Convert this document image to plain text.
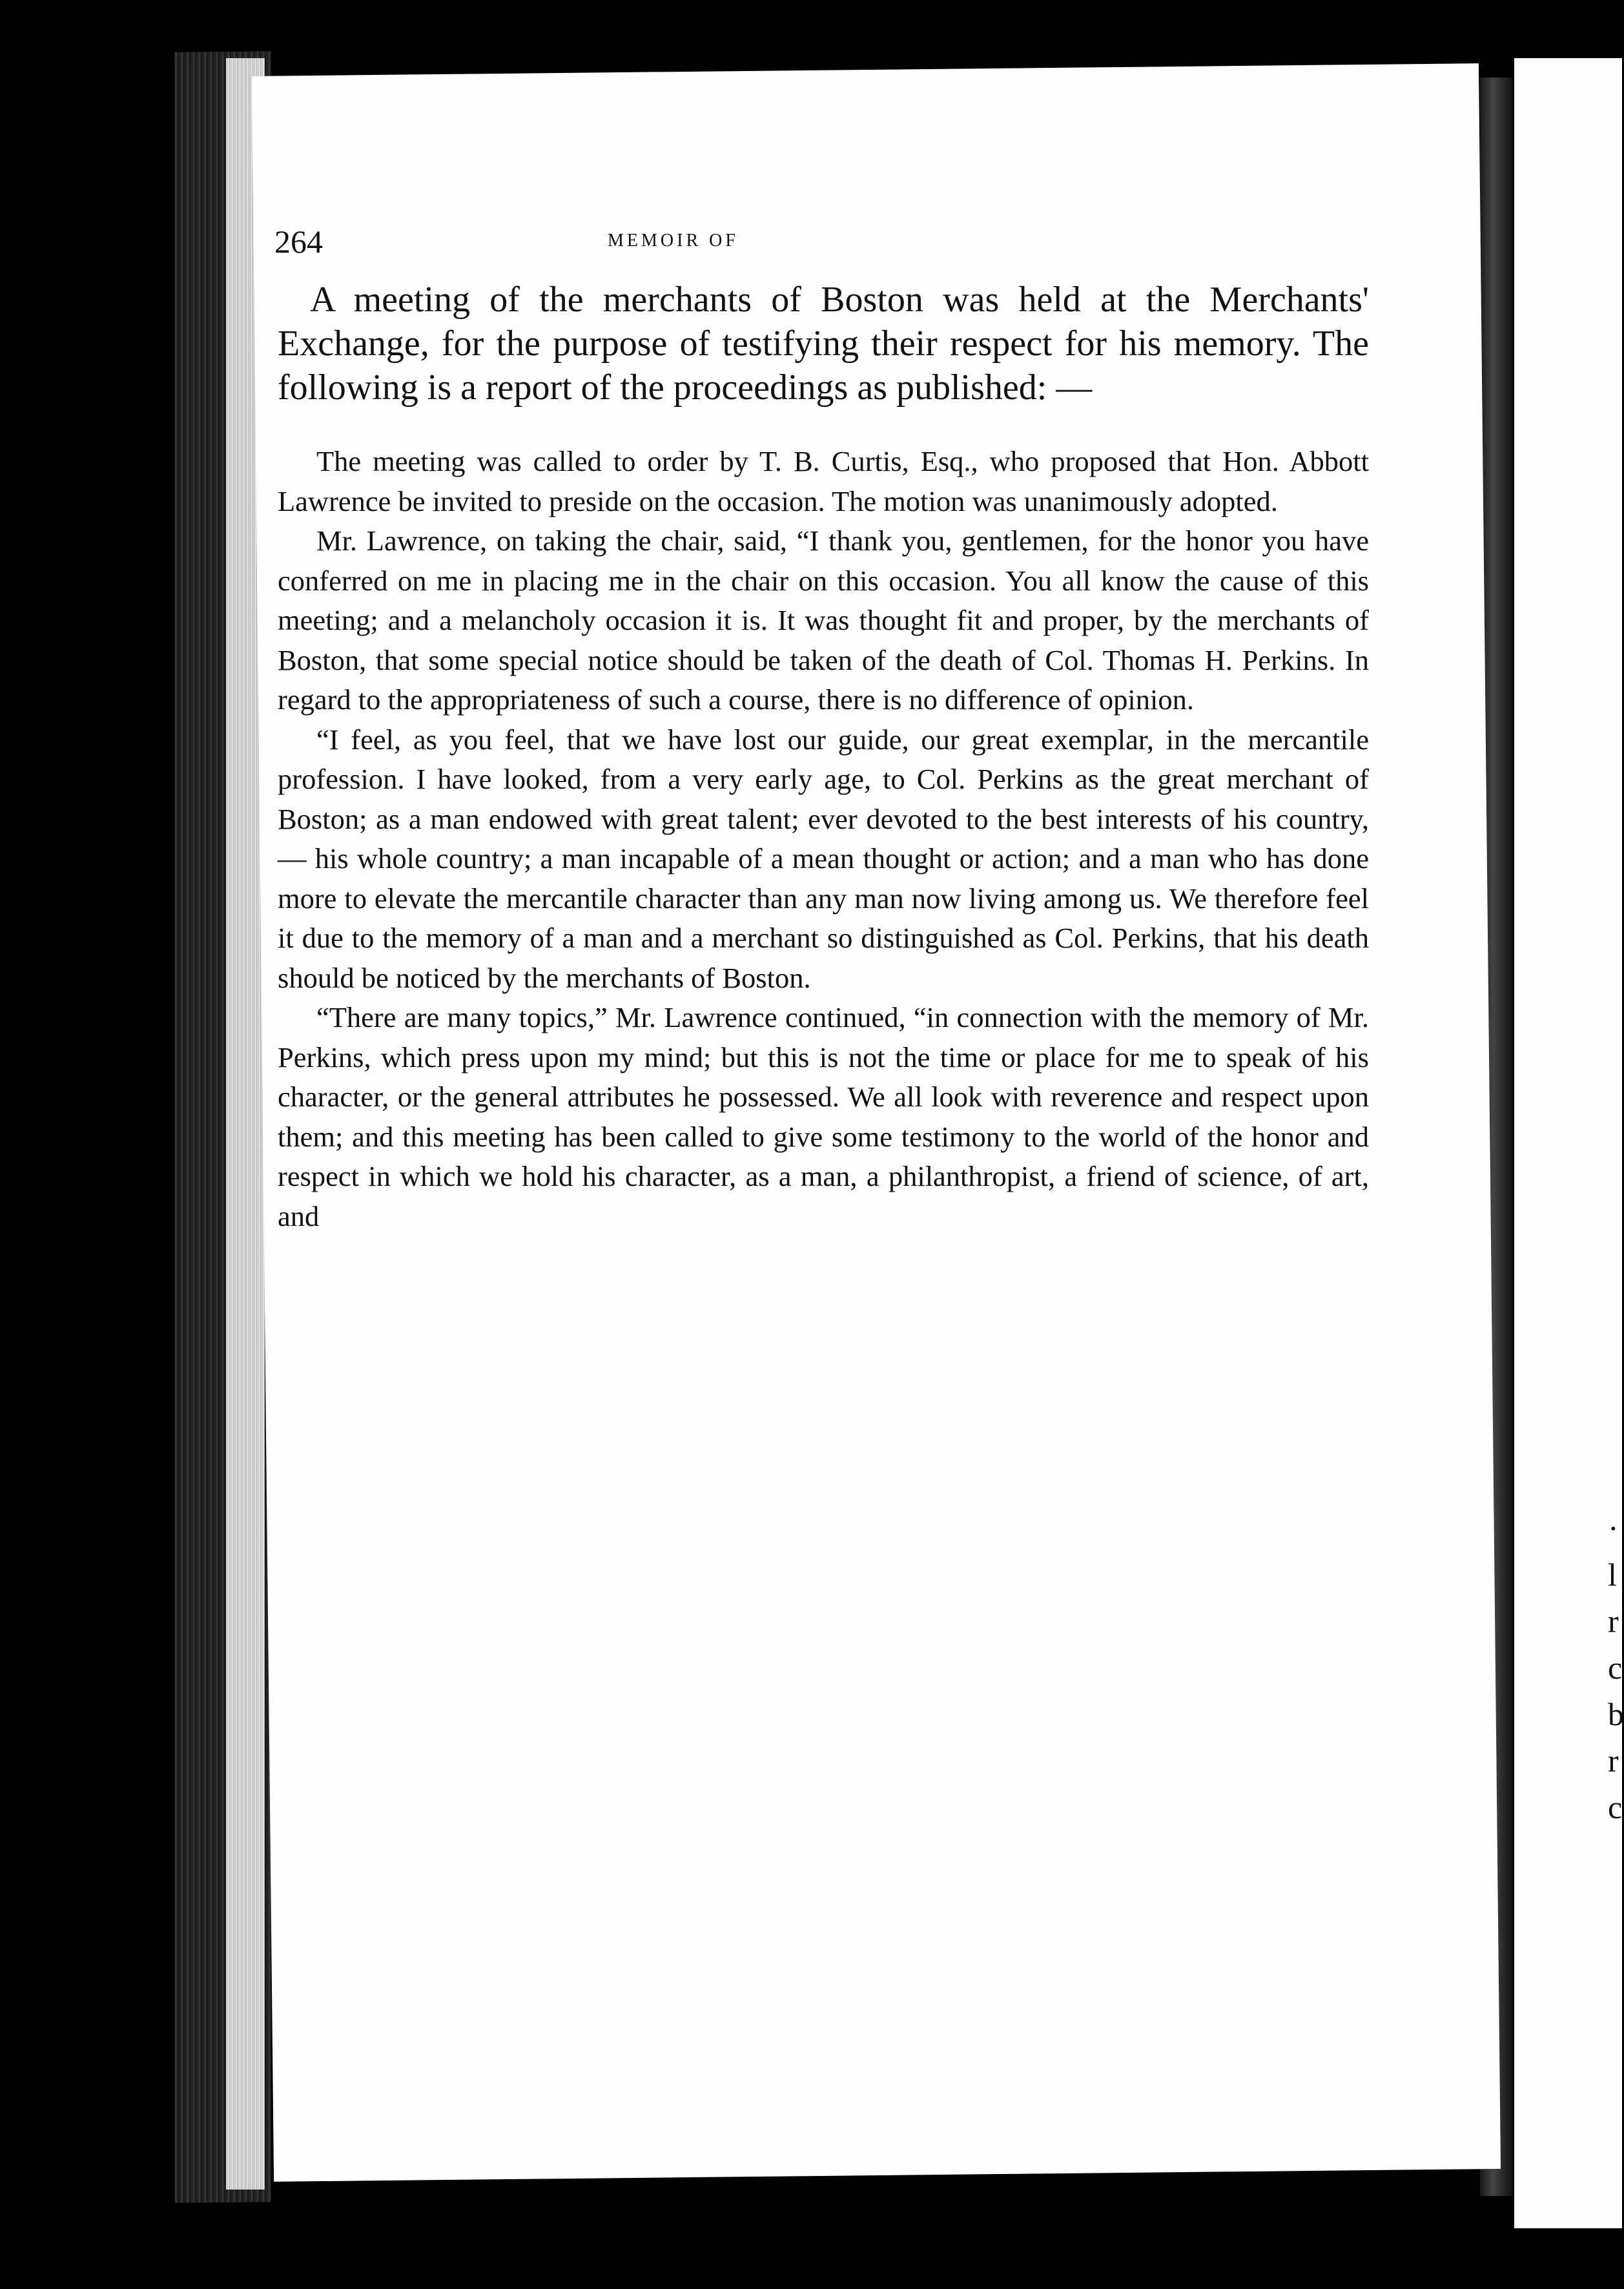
·
l
r
c
b
r
c
264	MEMOIR OF

A meeting of the merchants of Boston was held at the Merchants' Exchange, for the purpose of testifying their respect for his memory. The following is a report of the proceedings as published: —

The meeting was called to order by T. B. Curtis, Esq., who proposed that Hon. Abbott Lawrence be invited to preside on the occasion. The motion was unanimously adopted.

Mr. Lawrence, on taking the chair, said, “I thank you, gentlemen, for the honor you have conferred on me in placing me in the chair on this occasion. You all know the cause of this meeting; and a melancholy occasion it is. It was thought fit and proper, by the merchants of Boston, that some special notice should be taken of the death of Col. Thomas H. Perkins. In regard to the appropriateness of such a course, there is no difference of opinion.

“I feel, as you feel, that we have lost our guide, our great exemplar, in the mercantile profession. I have looked, from a very early age, to Col. Perkins as the great merchant of Boston; as a man endowed with great talent; ever devoted to the best interests of his country, — his whole country; a man incapable of a mean thought or action; and a man who has done more to elevate the mercantile character than any man now living among us. We therefore feel it due to the memory of a man and a merchant so distinguished as Col. Perkins, that his death should be noticed by the merchants of Boston.

“There are many topics,” Mr. Lawrence continued, “in connection with the memory of Mr. Perkins, which press upon my mind; but this is not the time or place for me to speak of his character, or the general attributes he possessed. We all look with reverence and respect upon them; and this meeting has been called to give some testimony to the world of the honor and respect in which we hold his character, as a man, a philanthropist, a friend of science, of art, and
